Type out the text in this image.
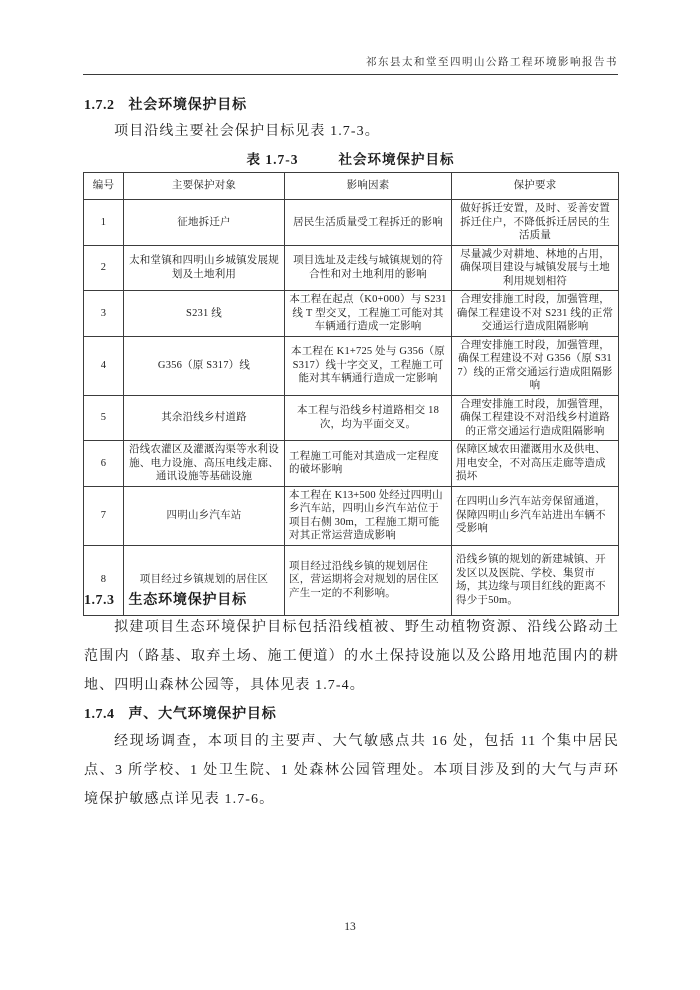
祁东县太和堂至四明山公路工程环境影响报告书
1.7.2 社会环境保护目标
项目沿线主要社会保护目标见表 1.7-3。
表 1.7-3	社会环境保护目标
编号	主要保护对象	影响因素	保护要求
1	征地拆迁户	居民生活质量受工程拆迁的影响	做好拆迁安置，及时、妥善安置拆迁住户，不降低拆迁居民的生活质量
2	太和堂镇和四明山乡城镇发展规划及土地利用	项目选址及走线与城镇规划的符合性和对土地利用的影响	尽量减少对耕地、林地的占用，确保项目建设与城镇发展与土地利用规划相符
3	S231 线	本工程在起点（K0+000）与 S231 线 T 型交叉，工程施工可能对其车辆通行造成一定影响	合理安排施工时段，加强管理，确保工程建设不对 S231 线的正常交通运行造成阻隔影响
4	G356（原 S317）线	本工程在 K1+725 处与 G356（原 S317）线十字交叉，工程施工可能对其车辆通行造成一定影响	合理安排施工时段，加强管理，确保工程建设不对 G356（原 S317）线的正常交通运行造成阻隔影响
5	其余沿线乡村道路	本工程与沿线乡村道路相交 18 次，均为平面交叉。	合理安排施工时段，加强管理，确保工程建设不对沿线乡村道路的正常交通运行造成阻隔影响
6	沿线农灌区及灌溉沟渠等水利设施、电力设施、高压电线走廊、通讯设施等基础设施	工程施工可能对其造成一定程度的破坏影响	保障区域农田灌溉用水及供电、用电安全，不对高压走廊等造成损坏
7	四明山乡汽车站	本工程在 K13+500 处经过四明山乡汽车站，四明山乡汽车站位于项目右侧 30m，工程施工期可能对其正常运营造成影响	在四明山乡汽车站旁保留通道，保障四明山乡汽车站进出车辆不受影响
8	项目经过乡镇规划的居住区	项目经过沿线乡镇的规划居住区，营运期将会对规划的居住区产生一定的不利影响。	沿线乡镇的规划的新建城镇、开发区以及医院、学校、集贸市场，其边缘与项目红线的距离不得少于50m。
1.7.3 生态环境保护目标
拟建项目生态环境保护目标包括沿线植被、野生动植物资源、沿线公路动土范围内（路基、取弃土场、施工便道）的水土保持设施以及公路用地范围内的耕地、四明山森林公园等，具体见表 1.7-4。
1.7.4 声、大气环境保护目标
经现场调查，本项目的主要声、大气敏感点共 16 处，包括 11 个集中居民点、3 所学校、1 处卫生院、1 处森林公园管理处。本项目涉及到的大气与声环境保护敏感点详见表 1.7-6。
13
